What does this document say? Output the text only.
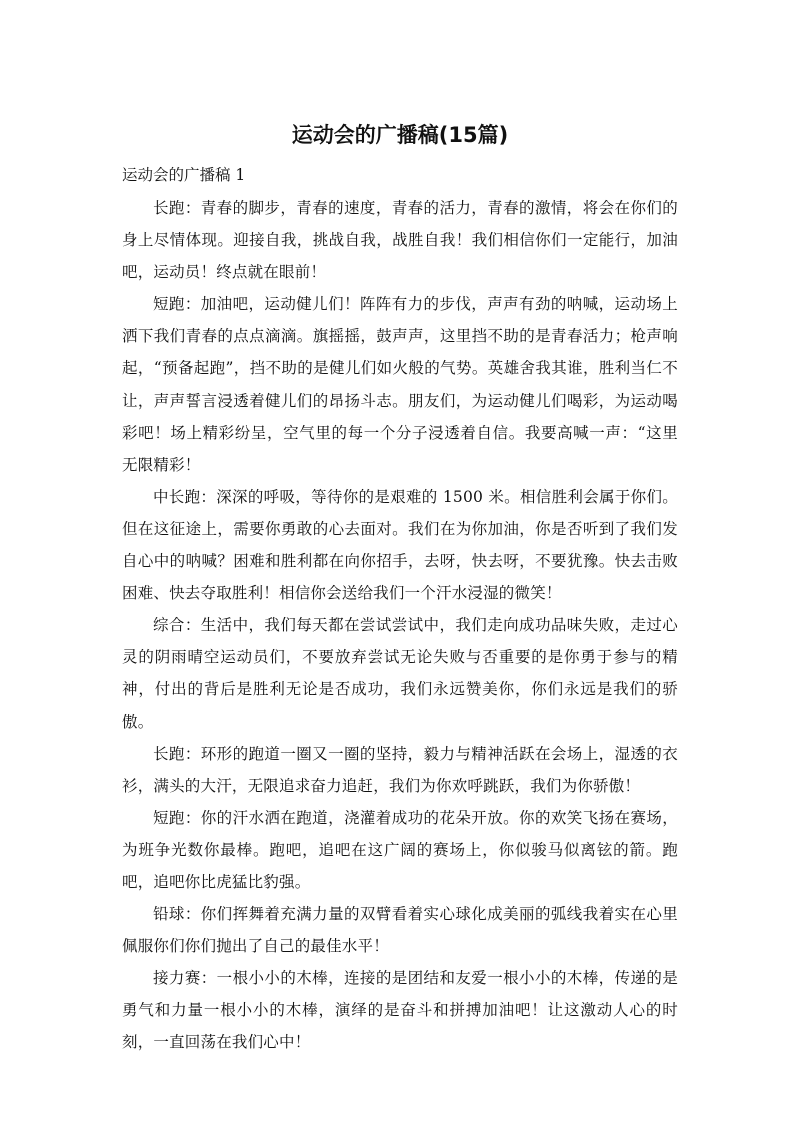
运动会的广播稿(15篇)

运动会的广播稿 1

长跑：青春的脚步，青春的速度，青春的活力，青春的激情，将会在你们的身上尽情体现。迎接自我，挑战自我，战胜自我！我们相信你们一定能行，加油吧，运动员！终点就在眼前！

短跑：加油吧，运动健儿们！阵阵有力的步伐，声声有劲的呐喊，运动场上洒下我们青春的点点滴滴。旗摇摇，鼓声声，这里挡不助的是青春活力；枪声响起，“预备起跑”，挡不助的是健儿们如火般的气势。英雄舍我其谁，胜利当仁不让，声声誓言浸透着健儿们的昂扬斗志。朋友们，为运动健儿们喝彩，为运动喝彩吧！场上精彩纷呈，空气里的每一个分子浸透着自信。我要高喊一声：“这里无限精彩！

中长跑：深深的呼吸，等待你的是艰难的 1500 米。相信胜利会属于你们。但在这征途上，需要你勇敢的心去面对。我们在为你加油，你是否听到了我们发自心中的呐喊？困难和胜利都在向你招手，去呀，快去呀，不要犹豫。快去击败困难、快去夺取胜利！相信你会送给我们一个汗水浸湿的微笑！

综合：生活中，我们每天都在尝试尝试中，我们走向成功品味失败，走过心灵的阴雨晴空运动员们，不要放弃尝试无论失败与否重要的是你勇于参与的精神，付出的背后是胜利无论是否成功，我们永远赞美你，你们永远是我们的骄傲。

长跑：环形的跑道一圈又一圈的坚持，毅力与精神活跃在会场上，湿透的衣衫，满头的大汗，无限追求奋力追赶，我们为你欢呼跳跃，我们为你骄傲！

短跑：你的汗水洒在跑道，浇灌着成功的花朵开放。你的欢笑飞扬在赛场，为班争光数你最棒。跑吧，追吧在这广阔的赛场上，你似骏马似离铉的箭。跑吧，追吧你比虎猛比豹强。

铅球：你们挥舞着充满力量的双臂看着实心球化成美丽的弧线我着实在心里佩服你们你们抛出了自己的最佳水平！

接力赛：一根小小的木棒，连接的是团结和友爱一根小小的木棒，传递的是勇气和力量一根小小的木棒，演绎的是奋斗和拼搏加油吧！让这激动人心的时刻，一直回荡在我们心中！
